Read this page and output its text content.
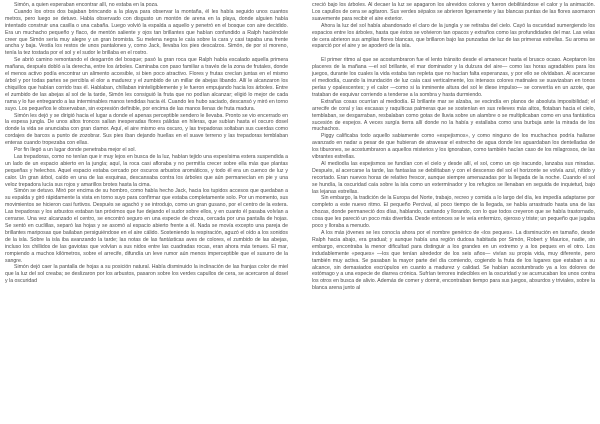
Simón, a quien esperaban encontrar allí, no estaba en la poza.

Cuando los otros dos bajaban brincando a la playa para observar la montaña, él les había seguido unos cuantos metros, pero luego se detuvo. Había observado con disgusto un montón de arena en la playa, donde alguien había intentado construir una casilla o una cabaña. Luego volvió la espalda a aquello y penetró en el bosque con aire decidido. Era un muchacho pequeño y flaco, de mentón saliente y ojos tan brillantes que habían confundido a Ralph haciéndole creer que Simón sería muy alegre y un gran bromista. Su melena negra le caía sobre la cara y casi tapaba una frente ancha y baja. Vestía los restos de unos pantalones y, como Jack, llevaba los pies descalzos. Simón, de por sí moreno, tenía la tez tostada por el sol y el sudor le brillaba en el rostro.

Se abrió camino remontando el desgarrón del bosque; pasó la gran roca que Ralph había escalado aquella primera mañana, después dobló a la derecha, entre los árboles. Caminaba con paso familiar a través de la zona de frutales, donde el menos activo podía encontrar un alimento accesible, si bien poco atractivo. Flores y frutas crecían juntas en el mismo árbol y por todas partes se percibía el olor a madurez y el zumbido de un millar de abejas libando. Allí le alcanzaron los chiquillos que habían corrido tras él. Hablaban, chillaban ininteligiblemente y le fueron empujando hacia los árboles. Entre el zumbido de las abejas al sol de la tarde, Simón les consiguió la fruta que no podían alcanzar; eligió lo mejor de cada rama y lo fue entregando a las interminables manos tendidas hacia él. Cuando les hubo saciado, descansó y miró en torno suyo. Los pequeños le observaban, sin expresión definible, por encima de las manos llenas de fruta madura.

Simón les dejó y se dirigió hacia el lugar a donde el apenas perceptible sendero le llevaba. Pronto se vio encerrado en la espesa jungla. De unos altos troncos salían inesperadas flores pálidas en hileras, que subían hasta el oscuro dosel donde la vida se anunciaba con gran clamor. Aquí, el aire mismo era oscuro, y las trepadoras soltaban sus cuerdas como cordajes de barcos a punto de zozobrar. Sus pies iban dejando huellas en el suave terreno y las trepadoras temblaban enteras cuando tropezaba con ellas.

Por fin llegó a un lugar donde penetraba mejor el sol.

Las trepadoras, como no tenían que ir muy lejos en busca de la luz, habían tejido una espesísima estera suspendida a un lado de un espacio abierto en la jungla; aquí, la roca casi afloraba y no permitía crecer sobre ella más que plantas pequeñas y helechos. Aquel espacio estaba cercado por oscuros arbustos aromáticos, y todo él era un cuenco de luz y calor. Un gran árbol, caído en una de las esquinas, descansaba contra los árboles que aún permanecían en pie y una veloz trepadora lucía sus rojos y amarillos brotes hasta la cima.

Simón se detuvo. Miró por encima de su hombro, como había hecho Jack, hacia los tupidos accesos que quedaban a su espalda y giró rápidamente la vista en torno suyo para confirmar que estaba completamente solo. Por un momento, sus movimientos se hicieron casi furtivos. Después se agachó y se introdujo, como un gran gusano, por el centro de la estera. Las trepadoras y los arbustos estaban tan próximos que fue dejando el sudor sobre ellos, y en cuanto él pasaba volvían a cerrarse. Una vez alcanzado el centro, se encontró seguro en una especie de choza, cercada por una pantalla de hojas. Se sentó en cuclillas, separó las hojas y se asomó al espacio abierto frente a él. Nada se movía excepto una pareja de brillantes mariposas que bailaban persiguiéndose en el aire cálido. Sosteniendo la respiración, aguzó el oído a los sonidos de la isla. Sobre la isla iba avanzando la tarde; las notas de las fantásticas aves de colores, el zumbido de las abejas, incluso los chillidos de las gaviotas que volvían a sus nidos entre las cuadradas rocas, eran ahora más tenues. El mar, rompiendo a muchos kilómetros, sobre el arrecife, difundía un leve rumor aún menos imperceptible que el susurro de la sangre.

Simón dejó caer la pantalla de hojas a su posición natural. Había disminuido la inclinación de las franjas color de miel que la luz del sol creaba; se deslizaron por los arbustos, pasaron sobre los verdes capullos de cera, se acercaron al dosel y la oscuridad

creció bajo los árboles. Al decaer la luz se apagaron los alrevidos colores y fueron debilitándose el calor y la animación. Los capullos de cera se agitaron. Sus verdes sépalos se abrieron ligeramente y las blancas puntas de las flores asomaron suavemente para recibir el aire exterior.

Ahora la luz del sol había abandonado el claro de la jungla y se retiraba del cielo. Cayó la oscuridad sumergiendo los espacios entre los árboles, hasta que éstos se volvieron tan opacos y extraños como las profundidades del mar. Las velas de cera abrieron sus amplias flores blancas, que brillaron bajo las punzadas de luz de las primeras estrellas. Su aroma se esparció por el aire y se apoderó de la isla.

El primer ritmo al que se acostumbraron fue el lento tránsito desde el amanecer hasta el brusco ocaso. Aceptaron los placeres de la mañana —el sol brillante, el mar dominador y la dulzura del aire— como las horas agradables para los juegos, durante los cuales la vida estaba tan repleta que no hacían falta esperanzas, y por ello se olvidaban. Al acercarse el mediodía, cuando la inundación de luz caía casi verticalmente, los intensos colores matinales se suavizaban en tonos perlas y opalescentes; y el calor —como si la inminente altura del sol le diese impulso— se convertía en un azote, que trataban de esquivar corriendo a tenderse a la sombra y hasta durmiendo.

Extrañas cosas ocurrían al mediodía. El brillante mar se alzaba, se escindía en planos de absoluta imposibilidad; el arrecife de coral y las escasas y raquíticas palmeras que se sostenían en sus relieves más altos, flotaban hacia el cielo, temblaban, se desgarraban, resbalaban como gotas de lluvia sobre un alambre o se multiplicaban como en una fantástica sucesión de espejos. A veces surgía tierra allí donde no la había y estallaba como una burbuja ante la mirada de los muchachos.

Piggy calificaba todo aquello sabiamente como «espejismos», y como ninguno de los muchachos podría hallarse avanzado en nadar a pesar de que hubieran de atravesar el estrecho de agua donde les aguardaban los dentelladas de los tiburones, se acostumbraron a aquellos misterios y los ignoraban, como también hacían caso de los milagrosos, de las vibrantes estrellas.

Al mediodía las espejismos se fundían con el cielo y desde allí, el sol, como un ojo iracundo, lanzaba sus miradas. Después, al acercarse la tarde, las fantasías se debilitaban y con el descenso del sol el horizonte se volvía azul, nítido y recortado. Eran nuevos horas de relativo frescor, aunque siempre amenazadas por la llegada de la noche. Cuando el sol se hundía, la oscuridad caía sobre la isla como un extermínador y los refugios se llenaban en seguida de inquietud, bajo las lejanas estrellas.

Sin embargo, la tradición de la Europa del Norte, trabajo, recreo y comida a lo largo del día, les impedía adaptarse por completo a este nuevo ritmo. El pequeño Percival, al poco tiempo de la llegada, se había arrastrado hasta una de las chozas, donde permaneció dos días, hablando, cantando y llorando, con lo que todos creyeron que se había trastornado, cosa que les pareció un poco más divertida. Desde entonces se le veía enfermizo, ojeroso y triste; un pequeño que jugaba poco y lloraba a menudo.

A los más jóvenes se les conocía ahora por el nombre genérico de «los peques». La disminución en tamaño, desde Ralph hacia abajo, era gradual; y aunque había una región dudosa habitada por Simón, Robert y Maurice, nadie, sin embargo, encontraba la menor dificultad para distinguir a los grandes en un extremo y a los peques en el otro. Los indudablemente «peques» —los que tenían alrededor de los seis años— vivían su propia vida, muy diferente, pero también muy activa. Se pasaban la mayor parte del día comiendo, cogiendo la fruta de los lugares que estaban a su alcance, sin demasiados escrúpulos en cuanto a madurez y calidad. Se habían acostumbrado ya a los dolores de estómago y a una especie de diarrea crónica. Sufrían terrores indecibles en la oscuridad y se acurrucaban los unos contra los otros en busca de alivio. Además de comer y dormir, encontraban tiempo para sus juegos, absurdos y triviales, sobre la blanca arena junto al
